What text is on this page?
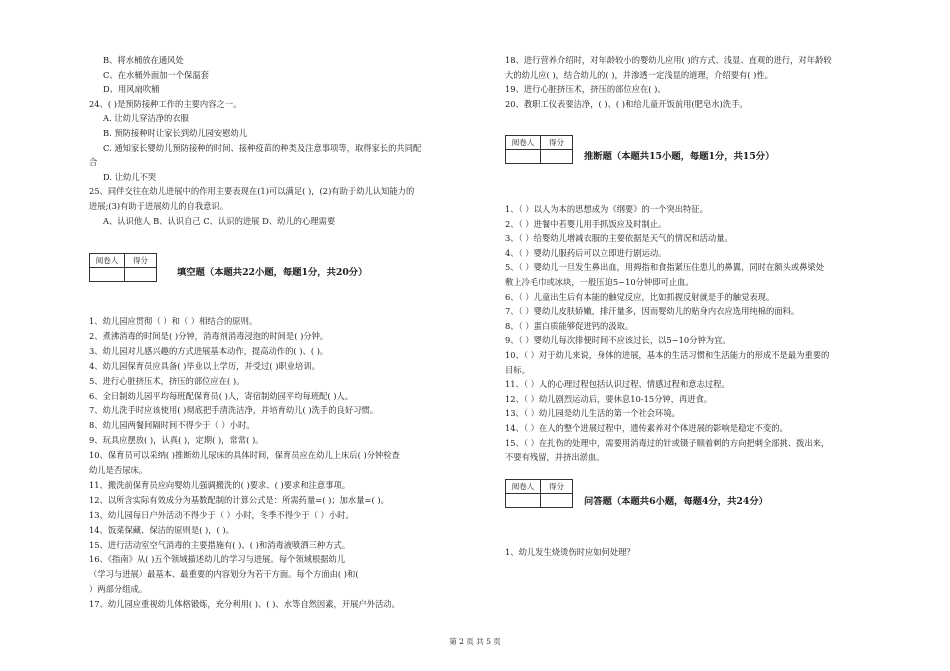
B、将水桶放在通风处
C、在水桶外面加一个保温套
D、用风扇吹桶
24、( )是预防接种工作的主要内容之一。
A. 让幼儿穿洁净的衣服
B. 预防接种时让家长到幼儿园安慰幼儿
C. 通知家长婴幼儿预防接种的时间、接种疫苗的种类及注意事项等，取得家长的共同配
合
D. 让幼儿不哭
25、同伴交往在幼儿进展中的作用主要表现在(1)可以满足( )，(2)有助于幼儿认知能力的
进展;(3)有助于进展幼儿的自我意识。
A、认识他人 B、认识自己 C、认识的进展 D、幼儿的心理需要
阅卷人	得分

填空题（本题共22小题，每题1分，共20分）
1、幼儿园应贯彻（ ）和（ ）相结合的原则。
2、煮沸消毒的时间是( )分钟，消毒剂消毒浸泡的时间是( )分钟。
3、幼儿园对儿感兴趣的方式进展基本动作，提高动作的( )、( )。
4、幼儿园保育员应具备( )毕业以上学历，并受过( )职业培训。
5、进行心脏挤压术，挤压的部位应在( )。
6、全日制幼儿园平均每班配保育员( )人，寄宿制幼园平均每班配( )人。
7、幼儿洗手时应该使用( )彻底把手清洗洁净，并培育幼儿( )洗手的良好习惯。
8、幼儿园两餐间隔时间不得少于（ ）小时。
9、玩具应摆放( )，认真( )，定期( )，常常( )。
10、保育员可以采纳( )推断幼儿尿床的具体时间，保育员应在幼儿上床后( )分钟检查
幼儿是否尿床。
11、搬洗前保育员应向婴幼儿强调搬洗的( )要求、( )要求和注意事项。
12、以所含实际有效成分为基数配制的计算公式是：所需药量=( )；加水量=( )。
13、幼儿园每日户外活动不得少于（ ）小时，冬季不得少于（ ）小时。
14、饭菜保藏、保洁的原则是( )，( )。
15、进行活动室空气消毒的主要措施有( )、( )和消毒液喷洒三种方式。
16、《指南》从( )五个领域描述幼儿的学习与进展。每个领域根据幼儿
（学习与进展）最基本、最重要的内容划分为若干方面。每个方面由( )和(
）两部分组成。
17、幼儿园应重视幼儿体格锻炼，充分利用( )、( )、水等自然因素，开展户外活动。
18、进行营养介绍时，对年龄较小的婴幼儿应用( )的方式、浅显、直观的进行，对年龄较
大的幼儿应( )，结合幼儿的( )，并渗透一定浅显的道理，介绍要有( )性。
19、进行心脏挤压术，挤压的部位应在( )。
20、教职工仪表要洁净，( )、( )和给儿童开饭前用(肥皂水)洗手。
阅卷人	得分

推断题（本题共15小题，每题1分，共15分）
1、（ ）以人为本的思想成为《纲要》的一个突出特征。
2、（ ）进餐中若婴儿用手抓饭应及时制止。
3、（ ）给婴幼儿增减衣服的主要依据是天气的情况和活动量。
4、（ ）婴幼儿服药后可以立即进行剧运动。
5、（ ）婴幼儿一旦发生鼻出血，用拇指和食指紧压住患儿的鼻翼，同时在额头或鼻梁处
敷上冷毛巾或冰块，一般压迫5~10分钟即可止血。
6、（ ）儿童出生后有本能的触觉反应，比如抓握反射就是手的触觉表现。
7、（ ）婴幼儿皮肤娇嫩，排汗量多，因而婴幼儿的贴身内衣应选用纯棉的面料。
8、（ ）蛋白质能够促进钙的汲取。
9、（ ）婴幼儿每次排便时间不应该过长，以5~10分钟为宜。
10、（ ）对于幼儿来说，身体的进展，基本的生活习惯和生活能力的形成不是最为重要的
目标。
11、（ ）人的心理过程包括认识过程、情感过程和意志过程。
12、（ ）幼儿剧烈运动后，要休息10-15分钟，再进食。
13、（ ）幼儿园是幼儿生活的第一个社会环境。
14、（ ）在人的整个进展过程中，遗传素养对个体进展的影响是稳定不变的。
15、（ ）在扎伤的处理中，需要用消毒过的针或镊子顺着刺的方向把刺全部挑、拨出来，
不要有残留，并挤出淤血。
阅卷人	得分

问答题（本题共6小题，每题4分，共24分）
1、幼儿发生烧烫伤时应如何处理？
第 2 页 共 5 页
